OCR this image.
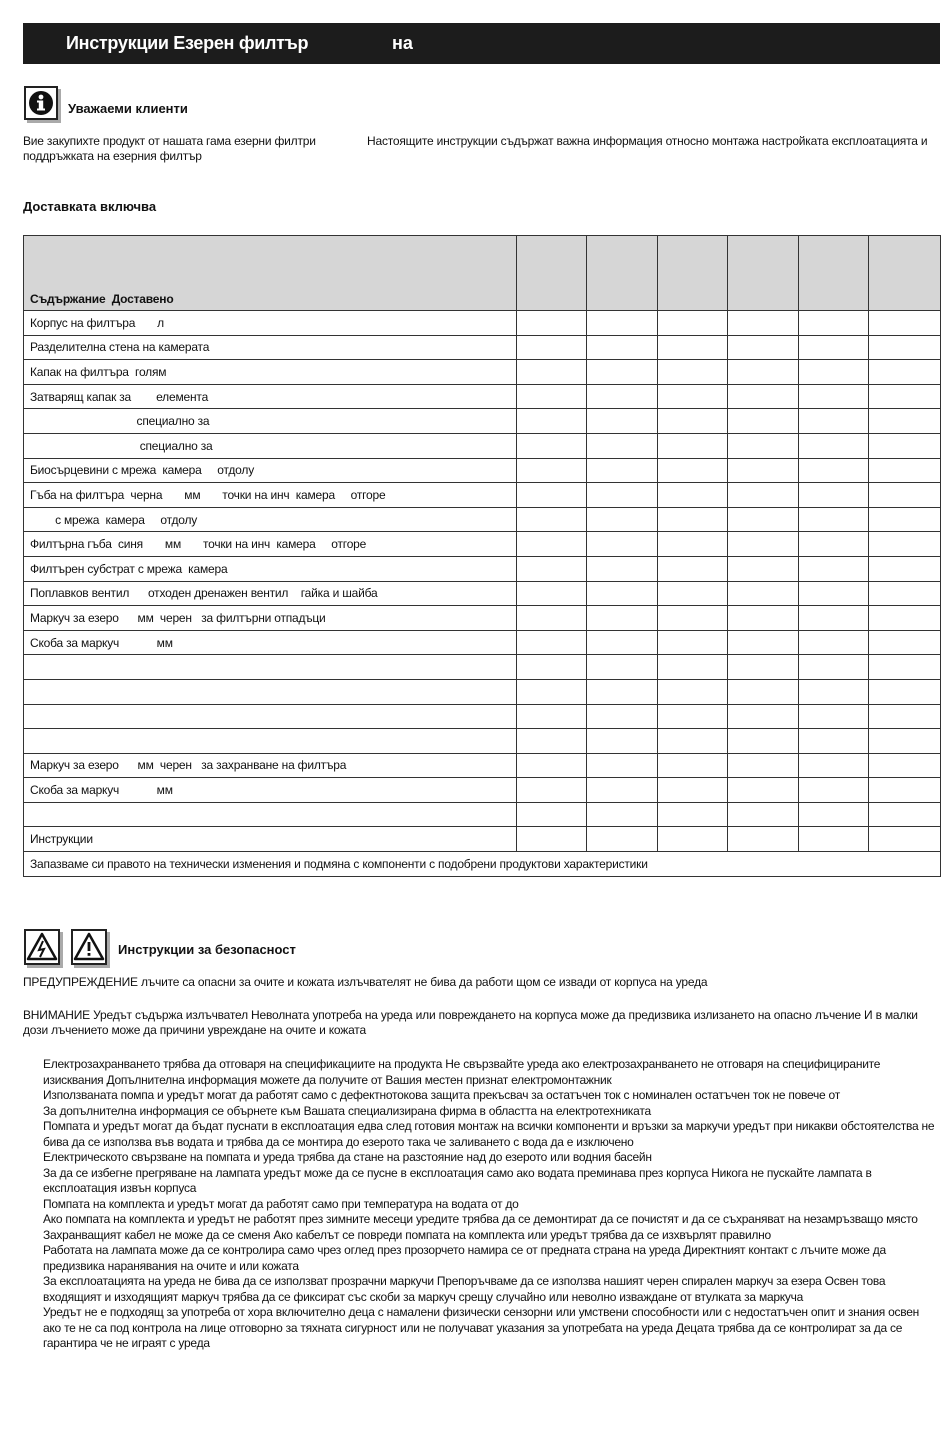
Инструкции Езерен филтър	на
Уважаеми клиенти
Вие закупихте продукт от нашата гама езерни филтри
поддръжката на езерния филтър
Настоящите инструкции съдържат важна информация относно монтажа настройката експлоатацията и
Доставката включва
Съдържание  Доставено						
Корпус на филтъра       л						
Разделителна стена на камерата						
Капак на филтъра  голям						
Затварящ капак за        елемента						
специално за						
специално за						
Биосърцевини с мрежа  камера     отдолу						
Гъба на филтъра  черна       мм       точки на инч  камера     отгоре						
с мрежа  камера     отдолу						
Филтърна гъба  синя       мм       точки на инч  камера     отгоре						
Филтърен субстрат с мрежа  камера						
Поплавков вентил      отходен дренажен вентил    гайка и шайба						
Маркуч за езеро      мм  черен   за филтърни отпадъци						
Скоба за маркуч            мм						

Маркуч за езеро      мм  черен   за захранване на филтъра						
Скоба за маркуч            мм						

Инструкции						
Запазваме си правото на технически изменения и подмяна с компоненти с подобрени продуктови характеристики						
Инструкции за безопасност
ПРЕДУПРЕЖДЕНИЕ лъчите са опасни за очите и кожата излъчвателят не бива да работи щом се извади от корпуса на уреда
ВНИМАНИЕ Уредът съдържа излъчвател Неволната употреба на уреда или повреждането на корпуса може да предизвика излизането на опасно лъчение И в малки дози лъчението може да причини увреждане на очите и кожата

Електрозахранването трябва да отговаря на спецификациите на продукта Не свързвайте уреда ако електрозахранването не отговаря на специфицираните изисквания Допълнителна информация можете да получите от Вашия местен признат електромонтажник

Използваната помпа и уредът могат да работят само с дефектнотокова защита прекъсвач за остатъчен ток с номинален остатъчен ток не повече от

За допълнителна информация се обърнете към Вашата специализирана фирма в областта на електротехниката

Помпата и уредът могат да бъдат пуснати в експлоатация едва след готовия монтаж на всички компоненти и връзки за маркучи уредът при никакви обстоятелства не бива да се използва във водата и трябва да се монтира до езерото така че заливането с вода да е изключено

Електрическото свързване на помпата и уреда трябва да стане на разстояние над до езерото или водния басейн

За да се избегне прегряване на лампата уредът може да се пусне в експлоатация само ако водата преминава през корпуса Никога не пускайте лампата в експлоатация извън корпуса

Помпата на комплекта и уредът могат да работят само при температура на водата от до

Ако помпата на комплекта и уредът не работят през зимните месеци уредите трябва да се демонтират да се почистят и да се съхраняват на незамръзващо място

Захранващият кабел не може да се сменя Ако кабелът се повреди помпата на комплекта или уредът трябва да се изхвърлят правилно

Работата на лампата може да се контролира само чрез оглед през прозорчето намира се от предната страна на уреда Директният контакт с лъчите може да предизвика наранявания на очите и или кожата

За експлоатацията на уреда не бива да се използват прозрачни маркучи Препоръчваме да се използва нашият черен спирален маркуч за езера Освен това входящият и изходящият маркуч трябва да се фиксират със скоби за маркуч срещу случайно или неволно изваждане от втулката за маркуча

Уредът не е подходящ за употреба от хора включително деца с намалени физически сензорни или умствени способности или с недостатъчен опит и знания освен ако те не са под контрола на лице отговорно за тяхната сигурност или не получават указания за употребата на уреда Децата трябва да се контролират за да се гарантира че не играят с уреда
